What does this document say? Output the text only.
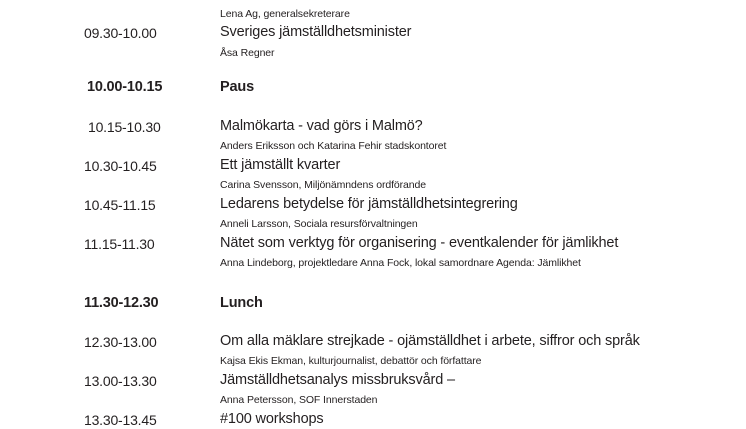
Lena Ag, generalsekreterare
09.30-10.00	Sveriges jämställdhetsminister
Åsa Regner
10.00-10.15	Paus
10.15-10.30	Malmökarta - vad görs i Malmö?
Anders Eriksson och Katarina Fehir stadskontoret
10.30-10.45	Ett jämställt kvarter
Carina Svensson, Miljönämndens ordförande
10.45-11.15	Ledarens betydelse för jämställdhetsintegrering
Anneli Larsson, Sociala resursförvaltningen
11.15-11.30	Nätet som verktyg för organisering - eventkalender för jämlikhet
Anna Lindeborg, projektledare Anna Fock, lokal samordnare Agenda: Jämlikhet
11.30-12.30	Lunch
12.30-13.00	Om alla mäklare strejkade - ojämställdhet i arbete, siffror och språk
Kajsa Ekis Ekman, kulturjournalist, debattör och författare
13.00-13.30	Jämställdhetsanalys missbruksvård –
Anna Petersson, SOF Innerstaden
13.30-13.45	#100 workshops
